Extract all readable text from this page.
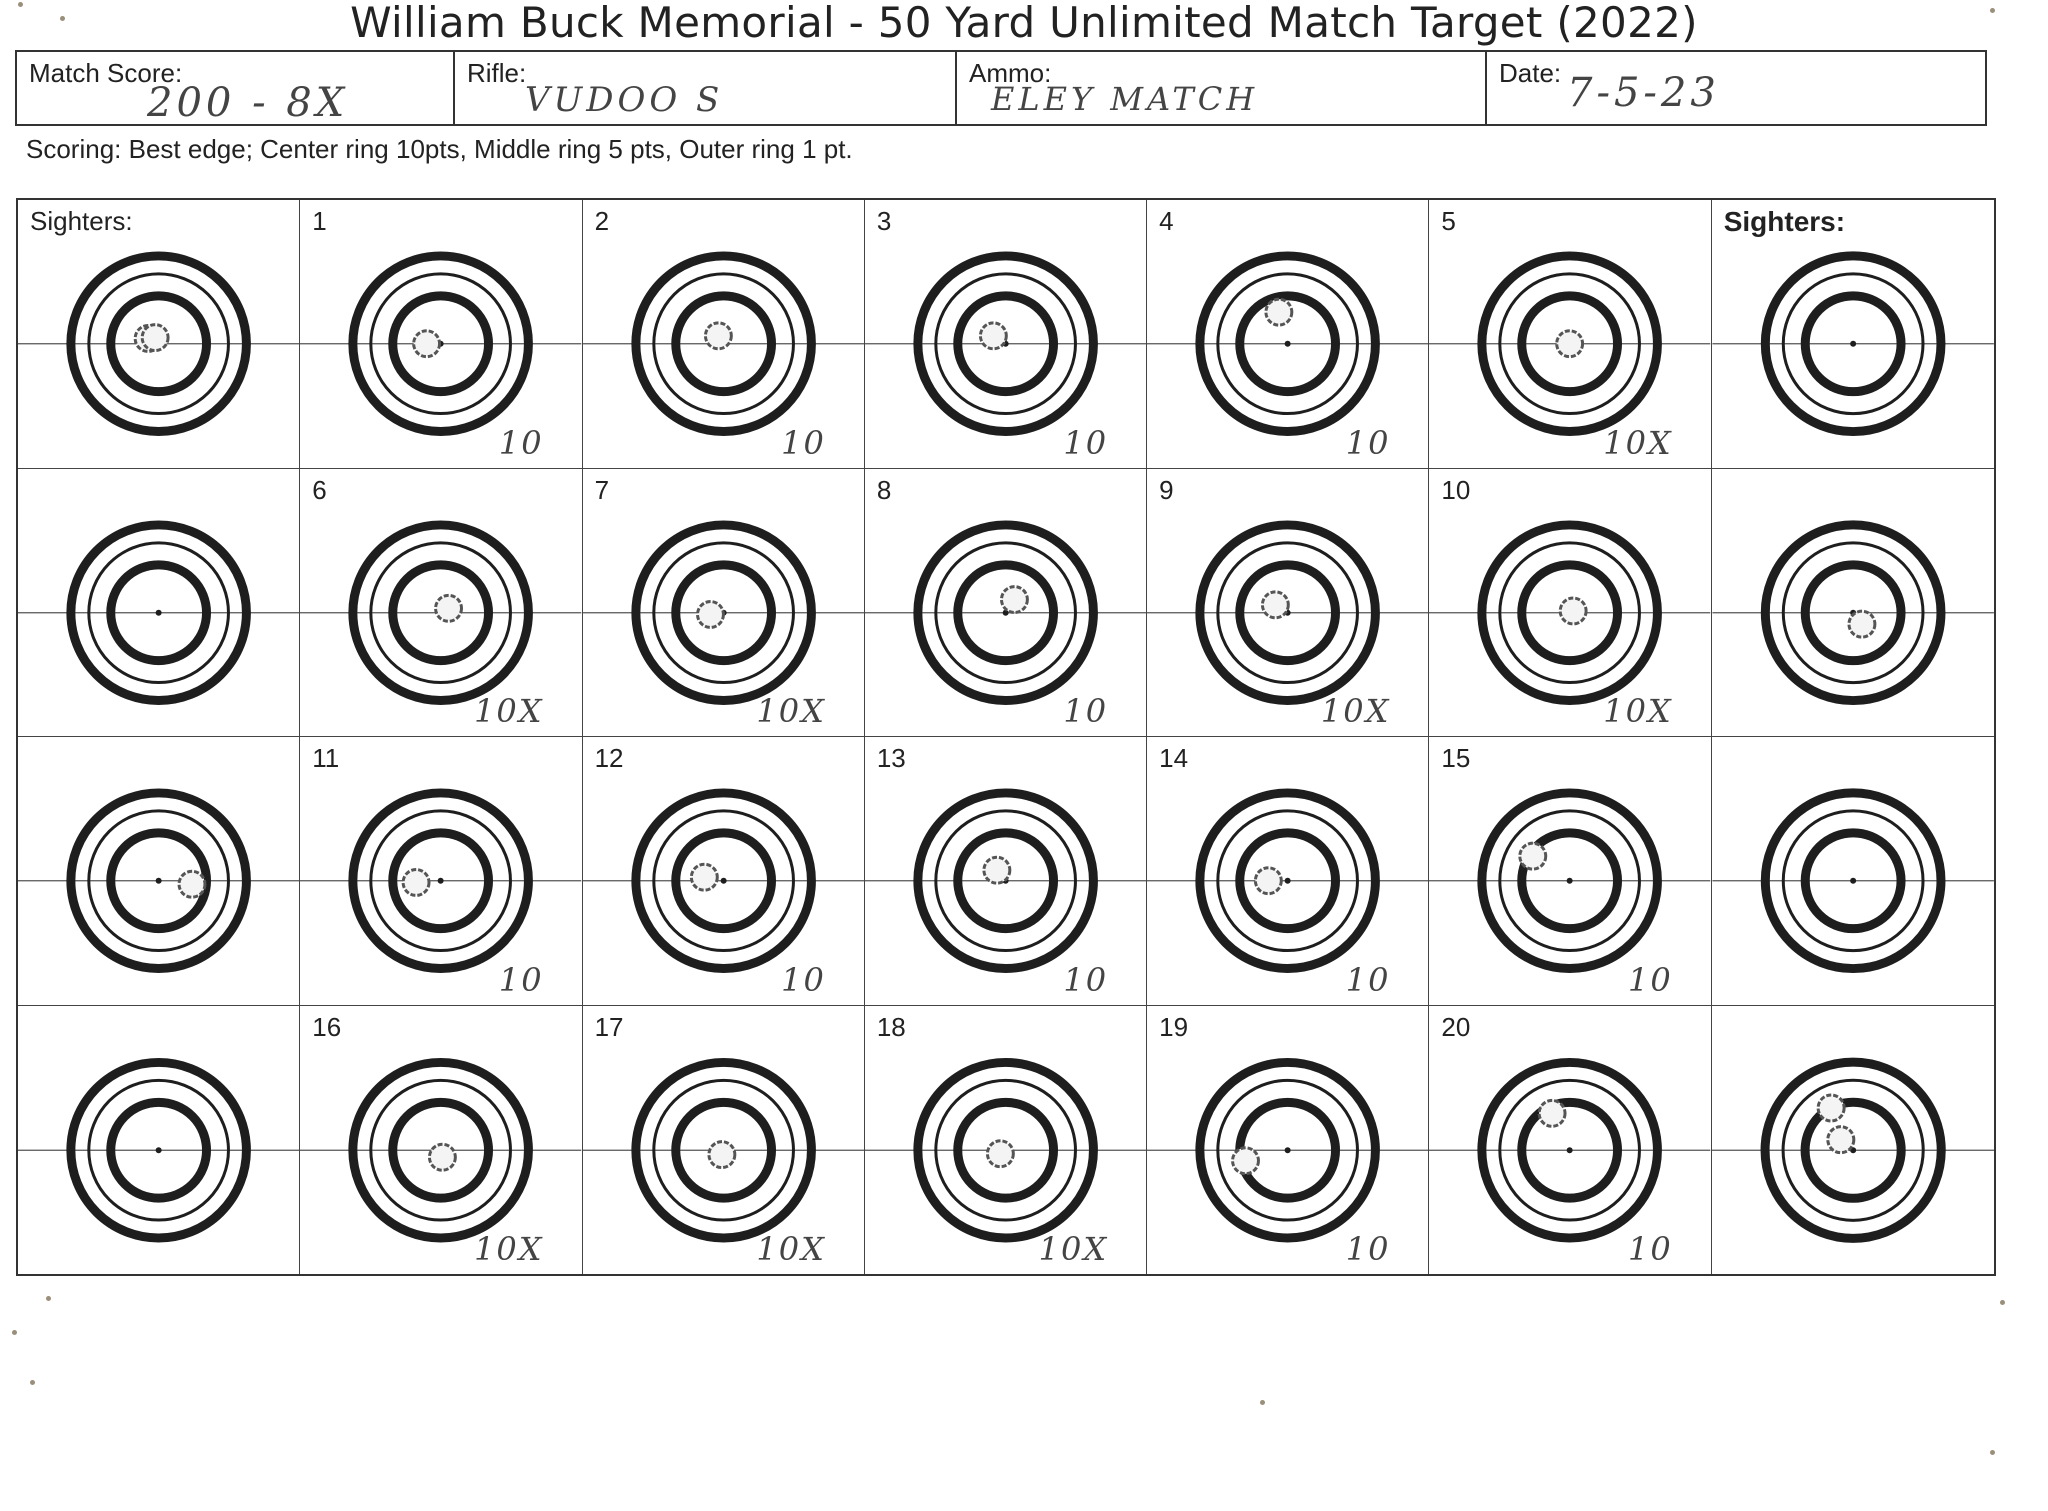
William Buck Memorial - 50 Yard Unlimited Match Target (2022)
Match Score:
200 - 8X
Rifle:
VUDOO S
Ammo:
ELEY MATCH
Date: 7-5-23
Scoring: Best edge; Center ring 10pts, Middle ring 5 pts, Outer ring 1 pt.
Sighters:	1
10
2
10
3
10
4
10
5
10X
Sighters:
6
10X
7
10X
8
10
9
10X
10
10X
11
10
12
10
13
10
14
10
15
10
16
10X
17
10X
18
10X
19
10
20
10
